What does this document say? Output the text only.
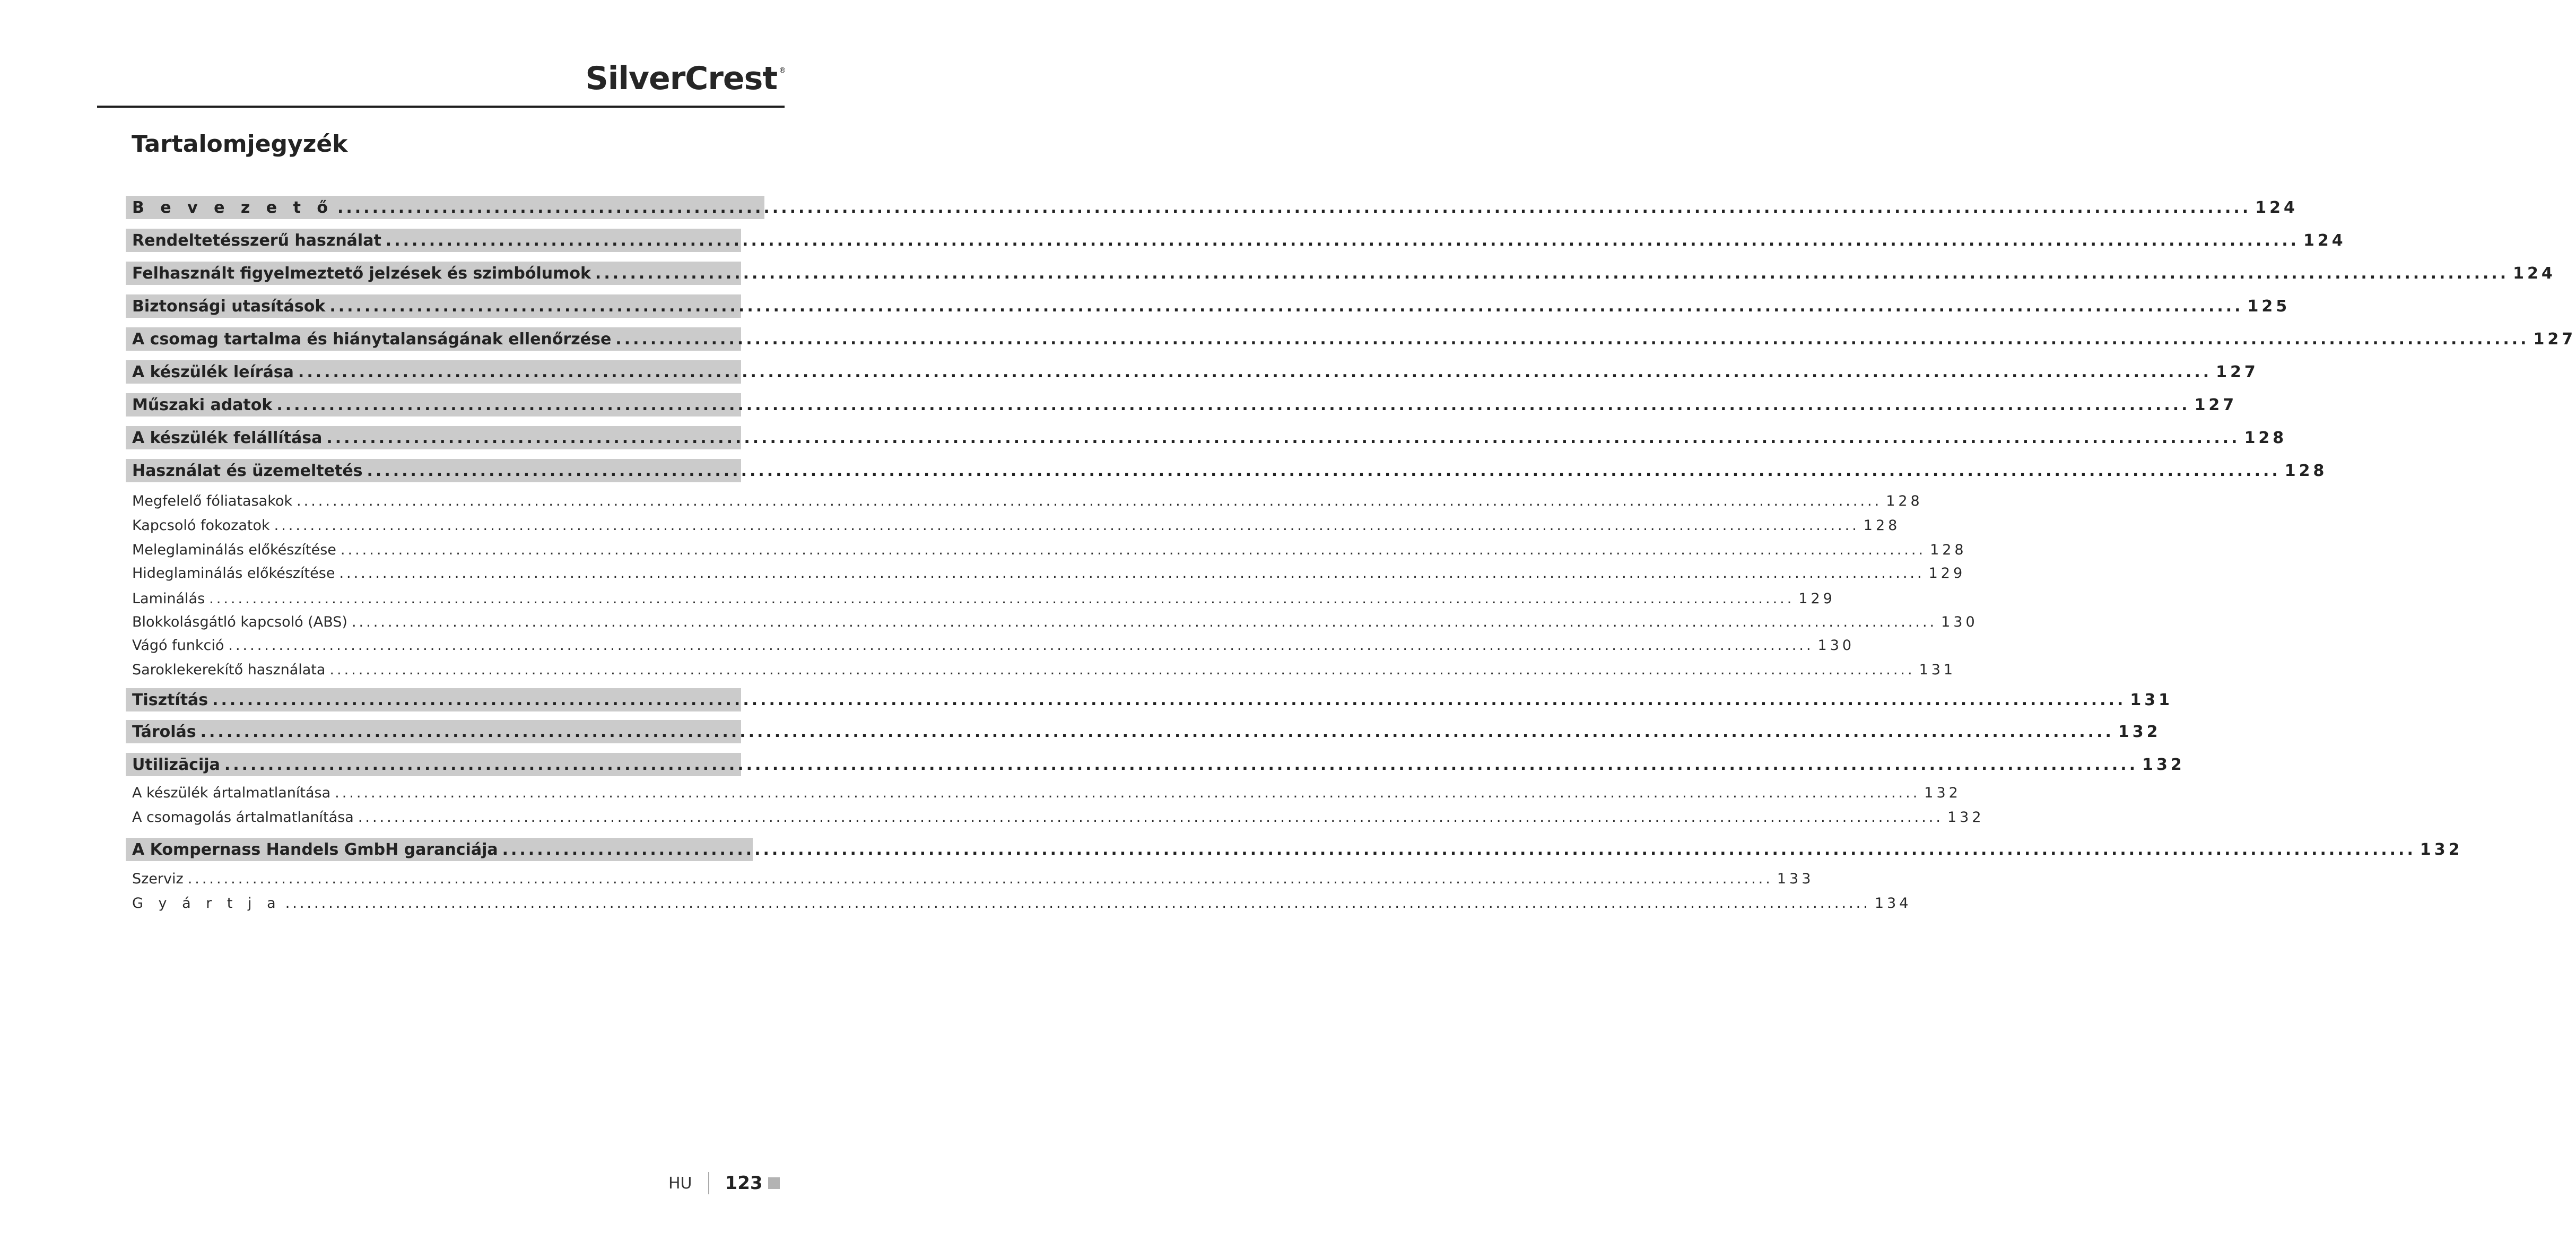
SilverCrest ®
Tartalomjegyzék
B e v e z e t ő ............................................................................................................................................................................................................................ 124
Rendeltetésszerű használat ............................................................................................................................................................................................................................ 124
Felhasznált figyelmeztető jelzések és szimbólumok ............................................................................................................................................................................................................................ 124
Biztonsági utasítások ............................................................................................................................................................................................................................ 125
A csomag tartalma és hiánytalanságának ellenőrzése ............................................................................................................................................................................................................................ 127
A készülék leírása ............................................................................................................................................................................................................................ 127
Műszaki adatok ............................................................................................................................................................................................................................ 127
A készülék felállítása ............................................................................................................................................................................................................................ 128
Használat és üzemeltetés ............................................................................................................................................................................................................................ 128
Megfelelő fóliatasakok ............................................................................................................................................................................................................................ 128
Kapcsoló fokozatok ............................................................................................................................................................................................................................ 128
Meleglaminálás előkészítése ............................................................................................................................................................................................................................ 128
Hideglaminálás előkészítése ............................................................................................................................................................................................................................ 129
Laminálás ............................................................................................................................................................................................................................ 129
Blokkolásgátló kapcsoló (ABS) ............................................................................................................................................................................................................................ 130
Vágó funkció ............................................................................................................................................................................................................................ 130
Saroklekerekítő használata ............................................................................................................................................................................................................................ 131
Tisztítás ............................................................................................................................................................................................................................ 131
Tárolás ............................................................................................................................................................................................................................ 132
Utilizācija ............................................................................................................................................................................................................................ 132
A készülék ártalmatlanítása ............................................................................................................................................................................................................................ 132
A csomagolás ártalmatlanítása ............................................................................................................................................................................................................................ 132
A Kompernass Handels GmbH garanciája ............................................................................................................................................................................................................................ 132
Szerviz ............................................................................................................................................................................................................................ 133
G y á r t j a ............................................................................................................................................................................................................................ 134
HU 123
